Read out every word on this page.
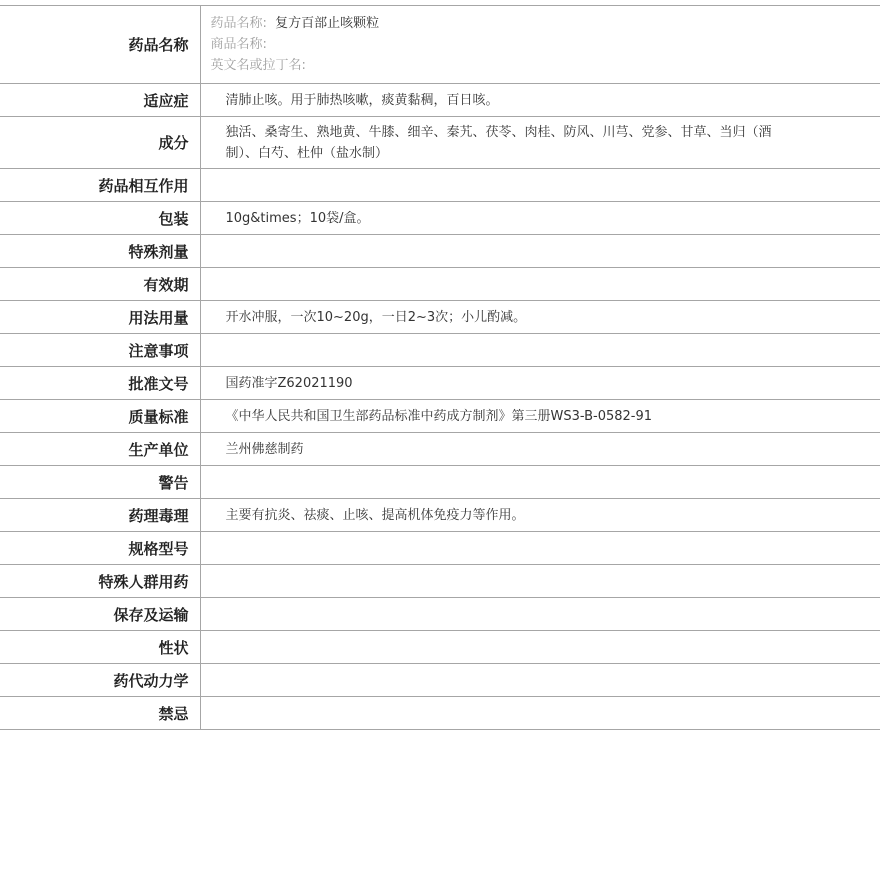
药品名称	药品名称: 复方百部止咳颗粒
商品名称:
英文名或拉丁名:

适应症	清肺止咳。用于肺热咳嗽，痰黄黏稠，百日咳。
成分	独活、桑寄生、熟地黄、牛膝、细辛、秦艽、茯苓、肉桂、防风、川芎、党参、甘草、当归（酒制）、白芍、杜仲（盐水制）
药品相互作用	
包装	10g&times；10袋/盒。
特殊剂量	
有效期	
用法用量	开水冲服，一次10~20g，一日2~3次；小儿酌减。
注意事项	
批准文号	国药准字Z62021190
质量标准	《中华人民共和国卫生部药品标准中药成方制剂》第三册WS3-B-0582-91
生产单位	兰州佛慈制药
警告	
药理毒理	主要有抗炎、祛痰、止咳、提高机体免疫力等作用。
规格型号	
特殊人群用药	
保存及运输	
性状	
药代动力学	
禁忌	
